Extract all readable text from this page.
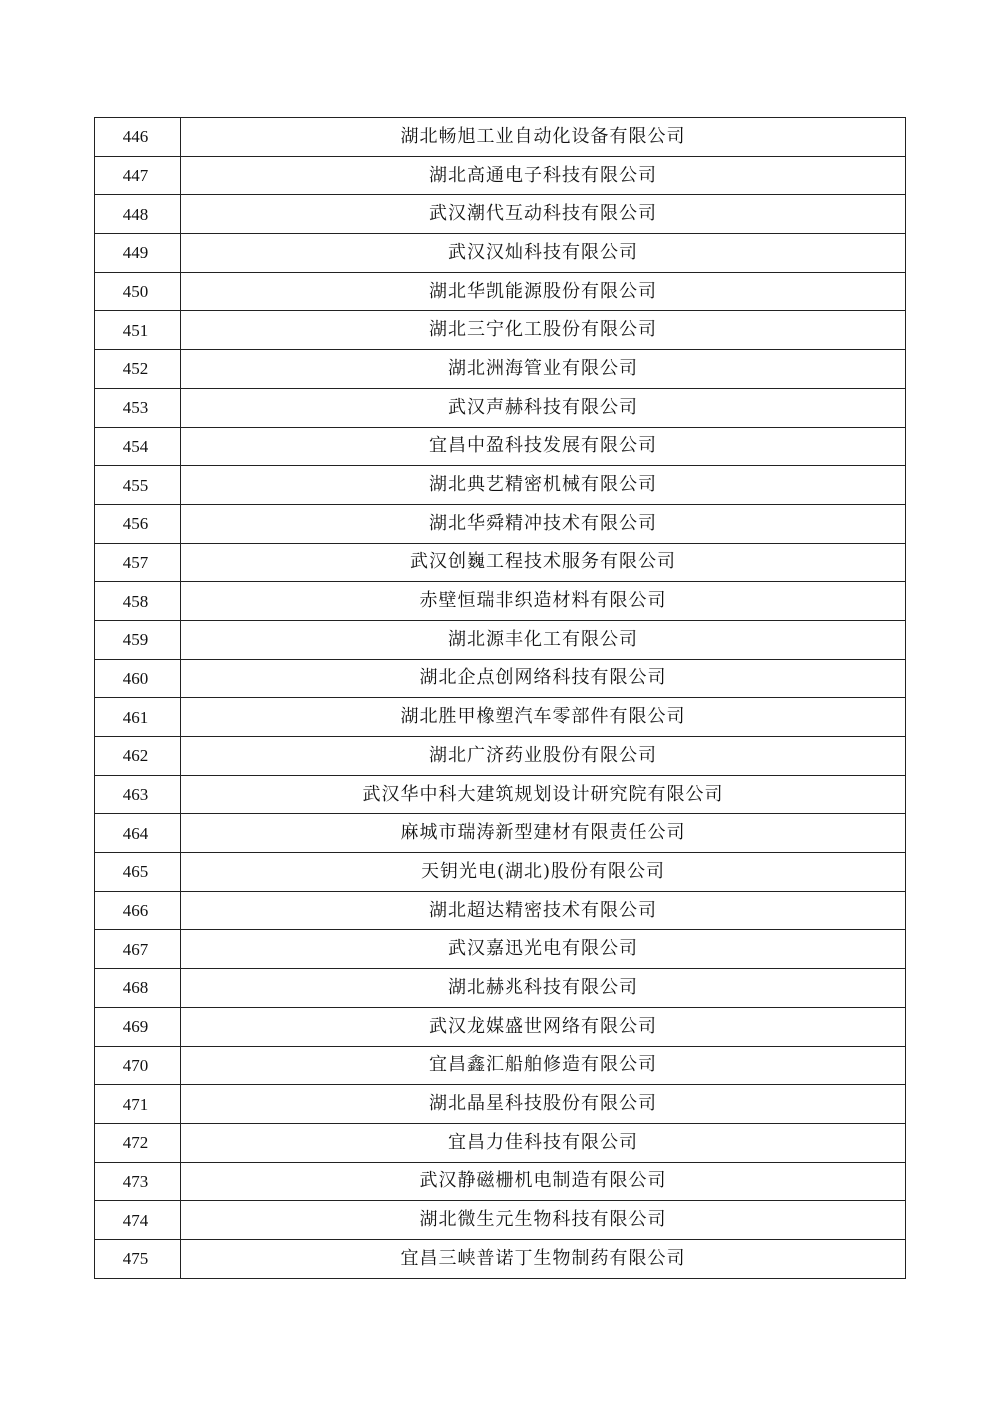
446	湖北畅旭工业自动化设备有限公司
447	湖北高通电子科技有限公司
448	武汉潮代互动科技有限公司
449	武汉汉灿科技有限公司
450	湖北华凯能源股份有限公司
451	湖北三宁化工股份有限公司
452	湖北洲海管业有限公司
453	武汉声赫科技有限公司
454	宜昌中盈科技发展有限公司
455	湖北典艺精密机械有限公司
456	湖北华舜精冲技术有限公司
457	武汉创巍工程技术服务有限公司
458	赤壁恒瑞非织造材料有限公司
459	湖北源丰化工有限公司
460	湖北企点创网络科技有限公司
461	湖北胜甲橡塑汽车零部件有限公司
462	湖北广济药业股份有限公司
463	武汉华中科大建筑规划设计研究院有限公司
464	麻城市瑞涛新型建材有限责任公司
465	天钥光电(湖北)股份有限公司
466	湖北超达精密技术有限公司
467	武汉嘉迅光电有限公司
468	湖北赫兆科技有限公司
469	武汉龙媒盛世网络有限公司
470	宜昌鑫汇船舶修造有限公司
471	湖北晶星科技股份有限公司
472	宜昌力佳科技有限公司
473	武汉静磁栅机电制造有限公司
474	湖北微生元生物科技有限公司
475	宜昌三峡普诺丁生物制药有限公司
